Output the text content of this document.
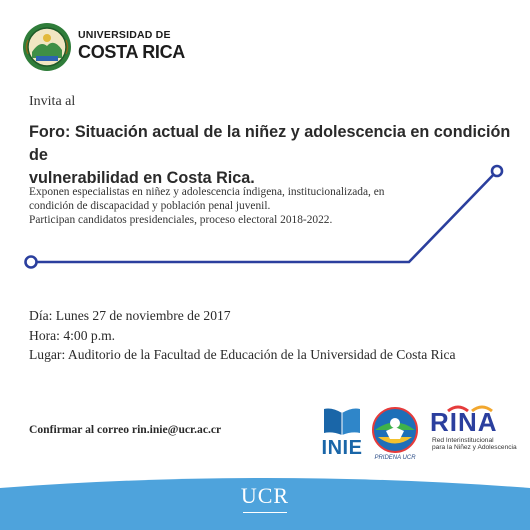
UNIVERSIDAD DE
COSTA RICA
Invita al
Foro: Situación actual de la niñez y adolescencia en condición de
vulnerabilidad en Costa Rica.
Exponen especialistas en niñez y adolescencia índigena, institucionalizada, en
condición de discapacidad y población penal juvenil.
Participan candidatos presidenciales, proceso electoral 2018-2022.
Día: Lunes 27 de noviembre de 2017
Hora: 4:00 p.m.
Lugar: Auditorio de la Facultad de Educación de la Universidad de Costa Rica
Confirmar al correo rin.inie@ucr.ac.cr
INIE	PRIDENA UCR
RINA
Red Interinstitucional
para la Niñez y Adolescencia
UCR
